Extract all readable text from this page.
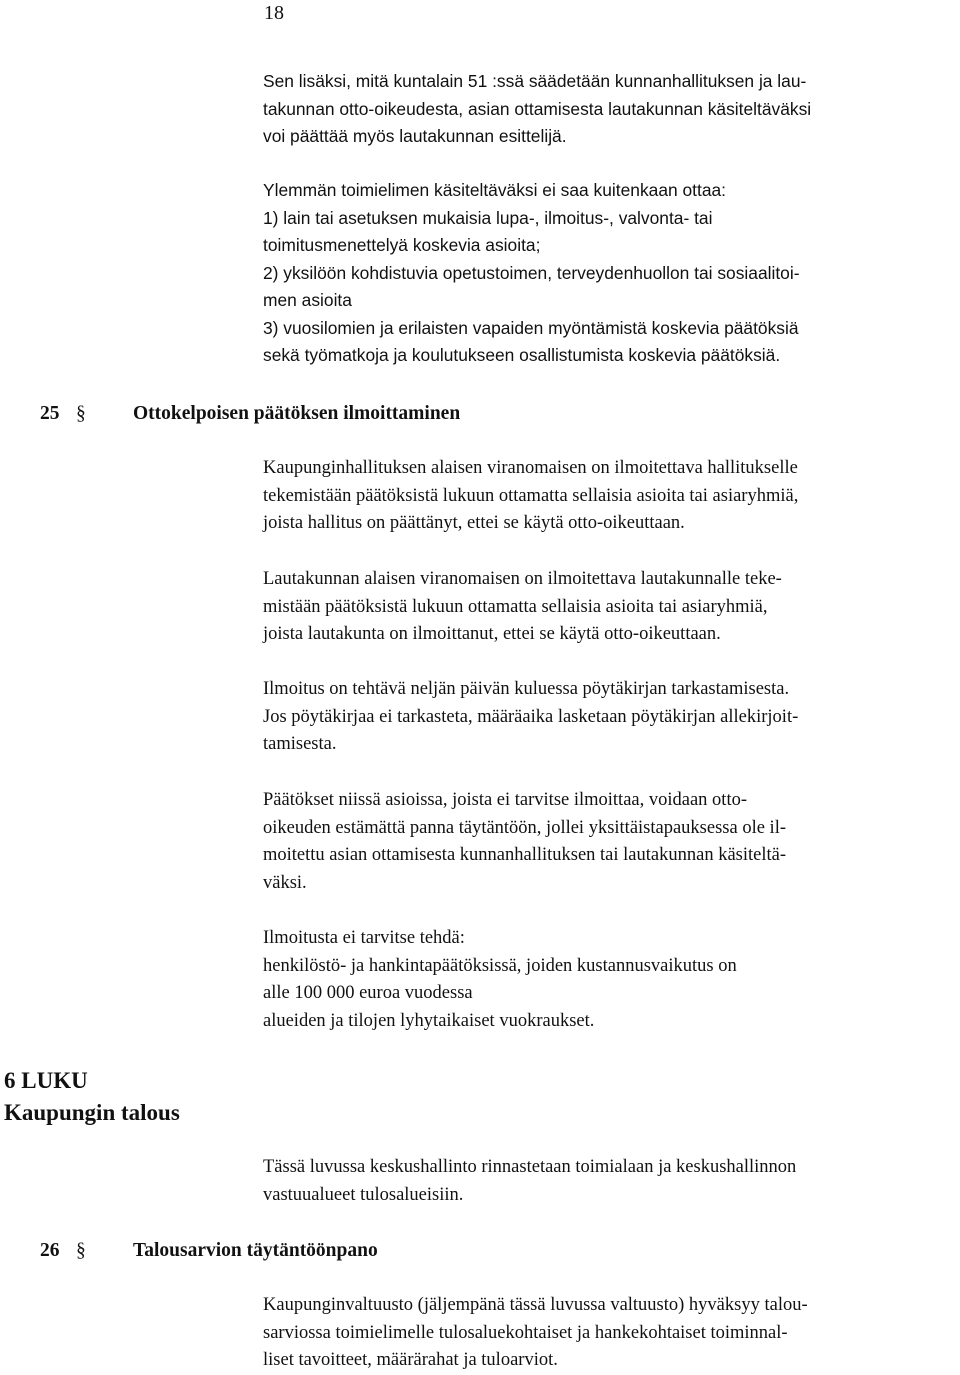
18

Sen lisäksi, mitä kuntalain 51 :ssä säädetään kunnanhallituksen ja lau-
takunnan otto-oikeudesta, asian ottamisesta lautakunnan käsiteltäväksi
voi päättää myös lautakunnan esittelijä.

Ylemmän toimielimen käsiteltäväksi ei saa kuitenkaan ottaa:
1) lain tai asetuksen mukaisia lupa-, ilmoitus-, valvonta- tai
toimitusmenettelyä koskevia asioita;
2) yksilöön kohdistuvia opetustoimen, terveydenhuollon tai sosiaalitoi-
men asioita
3) vuosilomien ja erilaisten vapaiden myöntämistä koskevia päätöksiä
sekä työmatkoja ja koulutukseen osallistumista koskevia päätöksiä.

25 § Ottokelpoisen päätöksen ilmoittaminen

Kaupunginhallituksen alaisen viranomaisen on ilmoitettava hallitukselle
tekemistään päätöksistä lukuun ottamatta sellaisia asioita tai asiaryhmiä,
joista hallitus on päättänyt, ettei se käytä otto-oikeuttaan.

Lautakunnan alaisen viranomaisen on ilmoitettava lautakunnalle teke-
mistään päätöksistä lukuun ottamatta sellaisia asioita tai asiaryhmiä,
joista lautakunta on ilmoittanut, ettei se käytä otto-oikeuttaan.

Ilmoitus on tehtävä neljän päivän kuluessa pöytäkirjan tarkastamisesta.
Jos pöytäkirjaa ei tarkasteta, määräaika lasketaan pöytäkirjan allekirjoit-
tamisesta.

Päätökset niissä asioissa, joista ei tarvitse ilmoittaa, voidaan otto-
oikeuden estämättä panna täytäntöön, jollei yksittäistapauksessa ole il-
moitettu asian ottamisesta kunnanhallituksen tai lautakunnan käsiteltä-
väksi.

Ilmoitusta ei tarvitse tehdä:
henkilöstö- ja hankintapäätöksissä, joiden kustannusvaikutus on
alle 100 000 euroa vuodessa
alueiden ja tilojen lyhytaikaiset vuokraukset.

6 LUKU
Kaupungin talous

Tässä luvussa keskushallinto rinnastetaan toimialaan ja keskushallinnon
vastuualueet tulosalueisiin.

26 § Talousarvion täytäntöönpano

Kaupunginvaltuusto (jäljempänä tässä luvussa valtuusto) hyväksyy talou-
sarviossa toimielimelle tulosaluekohtaiset ja hankekohtaiset toiminnal-
liset tavoitteet, määrärahat ja tuloarviot.
